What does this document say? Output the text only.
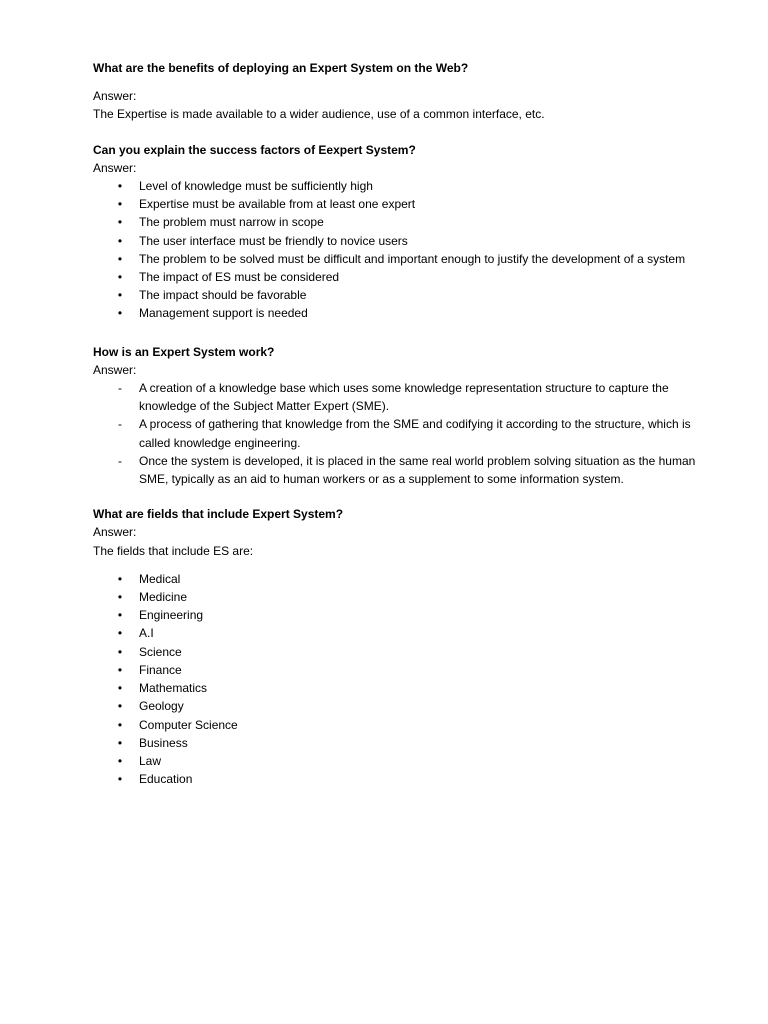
What are the benefits of deploying an Expert System on the Web?

Answer:

The Expertise is made available to a wider audience, use of a common interface, etc.

Can you explain the success factors of Eexpert System?

Answer:

• Level of knowledge must be sufficiently high
• Expertise must be available from at least one expert
• The problem must narrow in scope
• The user interface must be friendly to novice users
• The problem to be solved must be difficult and important enough to justify the development of a system
• The impact of ES must be considered
• The impact should be favorable
• Management support is needed

How is an Expert System work?

Answer:

- A creation of a knowledge base which uses some knowledge representation structure to capture the knowledge of the Subject Matter Expert (SME).
- A process of gathering that knowledge from the SME and codifying it according to the structure, which is called knowledge engineering.
- Once the system is developed, it is placed in the same real world problem solving situation as the human SME, typically as an aid to human workers or as a supplement to some information system.

What are fields that include Expert System?

Answer:

The fields that include ES are:

• Medical
• Medicine
• Engineering
• A.I
• Science
• Finance
• Mathematics
• Geology
• Computer Science
• Business
• Law
• Education
